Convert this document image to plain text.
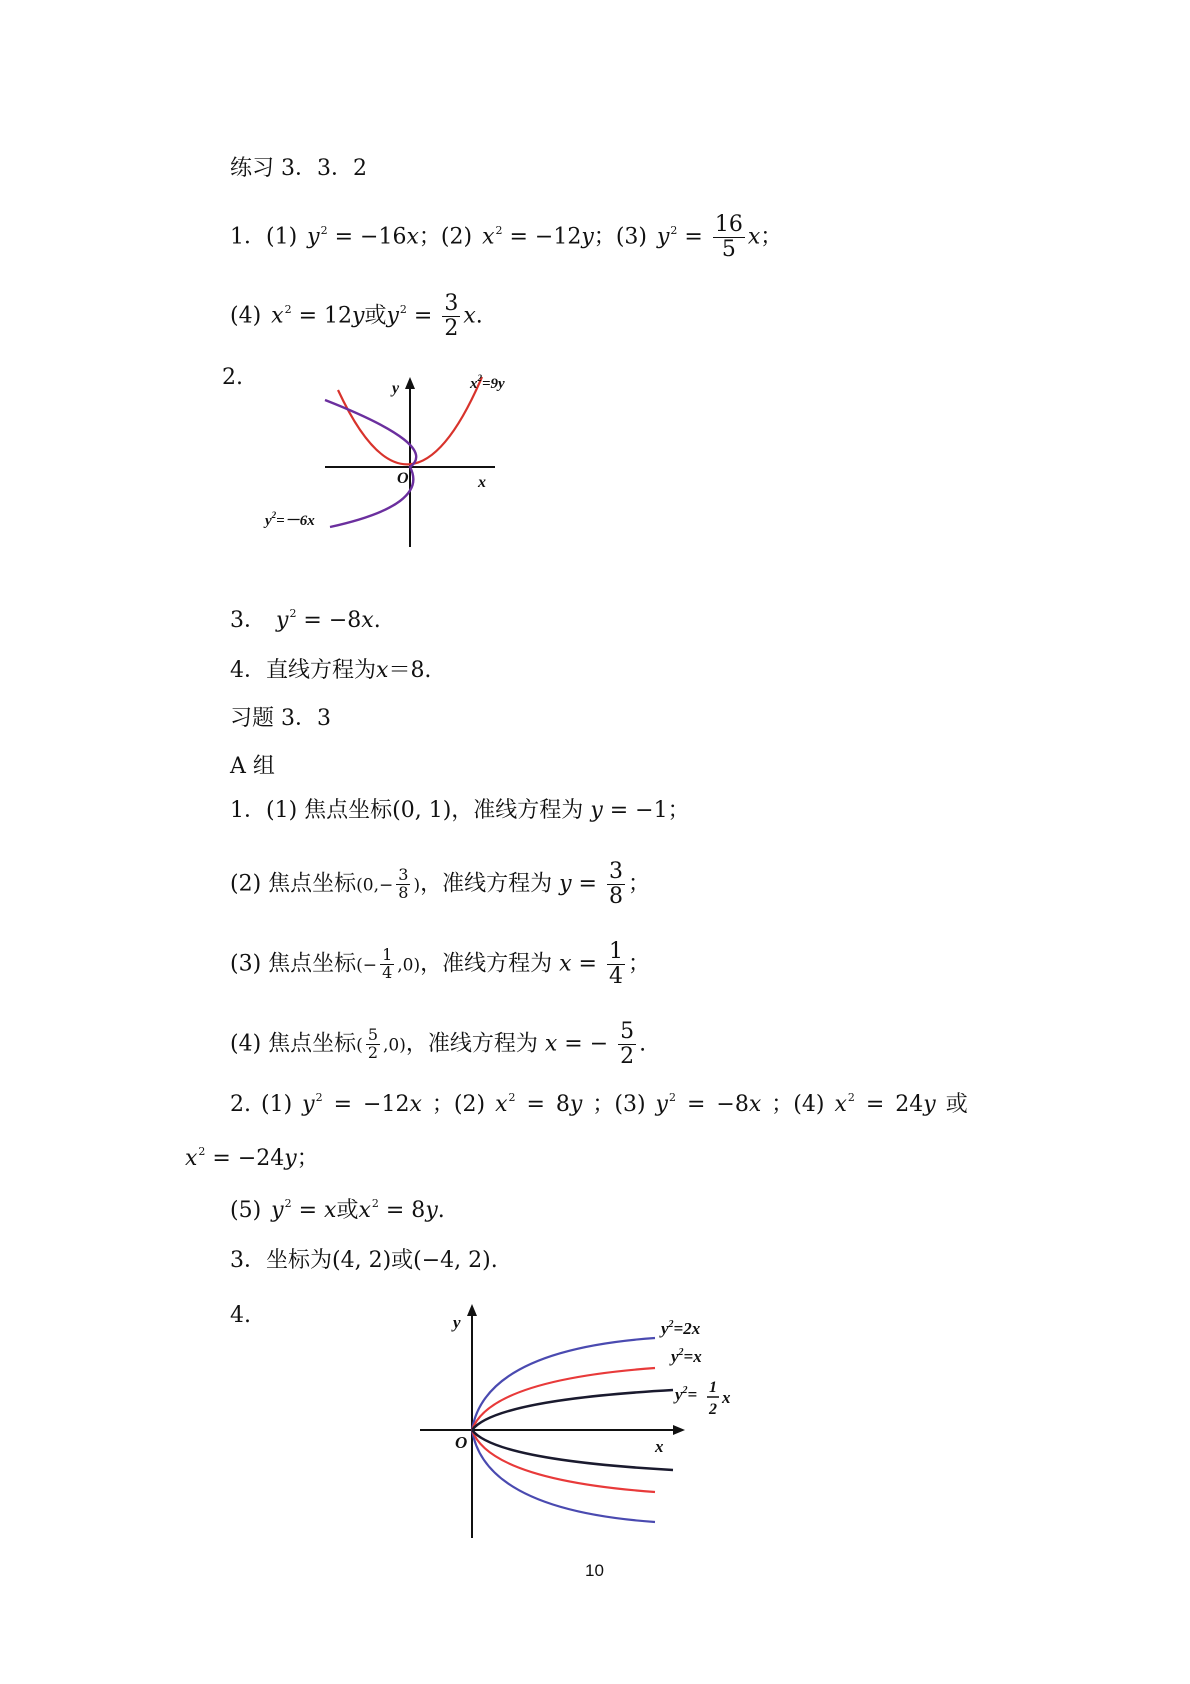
练习 3．3．2
1．(1) $y^2 = -16x$；(2) $x^2 = -12y$；(3) $y^2 = \frac{16}{5}$ x；
(4) $x^2 = 12y$或$y^2 = \frac{3}{2} x$.
2.	y
x
O
$x^2=9y$
$y^2=-6x$
3． $y^2 = -8x$.
4．直线方程为x＝8.
习题 3．3
A 组
1．(1) 焦点坐标(0, 1)，准线方程为 y = −1；
(2) 焦点坐标($0,- \frac{3}{8}$ )，准线方程为 $y = \frac{3}{8}$ ；
(3) 焦点坐标(− $\frac{1}{4} ,0$)，准线方程为 $x = \frac{1}{4}$ ；
(4) 焦点坐标( $\frac{5}{2} ,0$)，准线方程为 x = − $\frac{5}{2}$ .
2. (1) $y^2 = -12x$ ；(2) $x^2 = 8y$ ；(3) $y^2 = -8x$ ；(4) $x^2 = 24y$ 或
$x^2 = -24y$；
(5) $y^2 = x$或$x^2 = 8y$.
3．坐标为(4, 2)或(−4, 2).
4.	y
x
O
$y^2=2x$
$y^2=x$
$y^2= 1$
2
x
10
